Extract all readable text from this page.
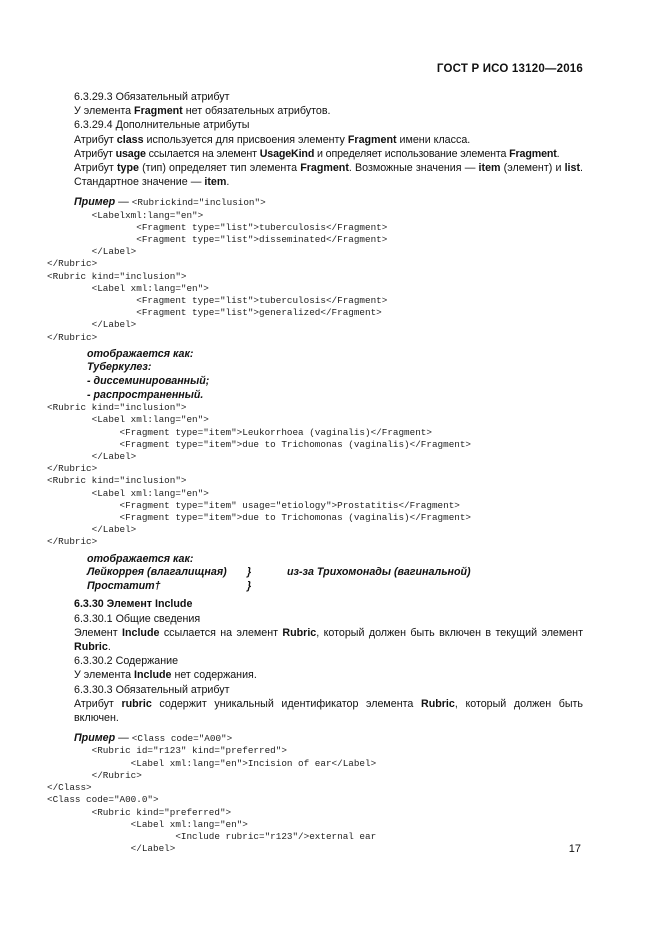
ГОСТ Р ИСО 13120—2016

6.3.29.3 Обязательный атрибут

У элемента Fragment нет обязательных атрибутов.

6.3.29.4 Дополнительные атрибуты

Атрибут class используется для присвоения элементу Fragment имени класса.

Атрибут usage ссылается на элемент UsageKind и определяет использование элемента Fragment.

Атрибут type (тип) определяет тип элемента Fragment. Возможные значения — item (элемент) и list. Стандартное значение — item.

Пример — <Rubrickind="inclusion">
<Labelxml:lang="en">
<Fragment type="list">tuberculosis</Fragment>
<Fragment type="list">disseminated</Fragment>
</Label>
</Rubric>
<Rubric kind="inclusion">
<Label xml:lang="en">
<Fragment type="list">tuberculosis</Fragment>
<Fragment type="list">generalized</Fragment>
</Label>
</Rubric>
отображается как:
Туберкулез:
- диссеминированный;
- распространенный.
<Rubric kind="inclusion">
<Label xml:lang="en">
<Fragment type="item">Leukorrhoea (vaginalis)</Fragment>
<Fragment type="item">due to Trichomonas (vaginalis)</Fragment>
</Label>
</Rubric>
<Rubric kind="inclusion">
<Label xml:lang="en">
<Fragment type="item" usage="etiology">Prostatitis</Fragment>
<Fragment type="item">due to Trichomonas (vaginalis)</Fragment>
</Label>
</Rubric>
отображается как:
Лейкоррея (влагалищная) }	из-за Трихомонады (вагинальной)
Простатит†	}

6.3.30 Элемент Include

6.3.30.1 Общие сведения

Элемент Include ссылается на элемент Rubric, который должен быть включен в текущий элемент Rubric.

6.3.30.2 Содержание

У элемента Include нет содержания.

6.3.30.3 Обязательный атрибут

Атрибут rubric содержит уникальный идентификатор элемента Rubric, который должен быть включен.

Пример — <Class code="A00">
<Rubric id="r123" kind="preferred">
<Label xml:lang="en">Incision of ear</Label>
</Rubric>
</Class>
<Class code="A00.0">
<Rubric kind="preferred">
<Label xml:lang="en">
<Include rubric="r123"/>external ear
</Label>	17
